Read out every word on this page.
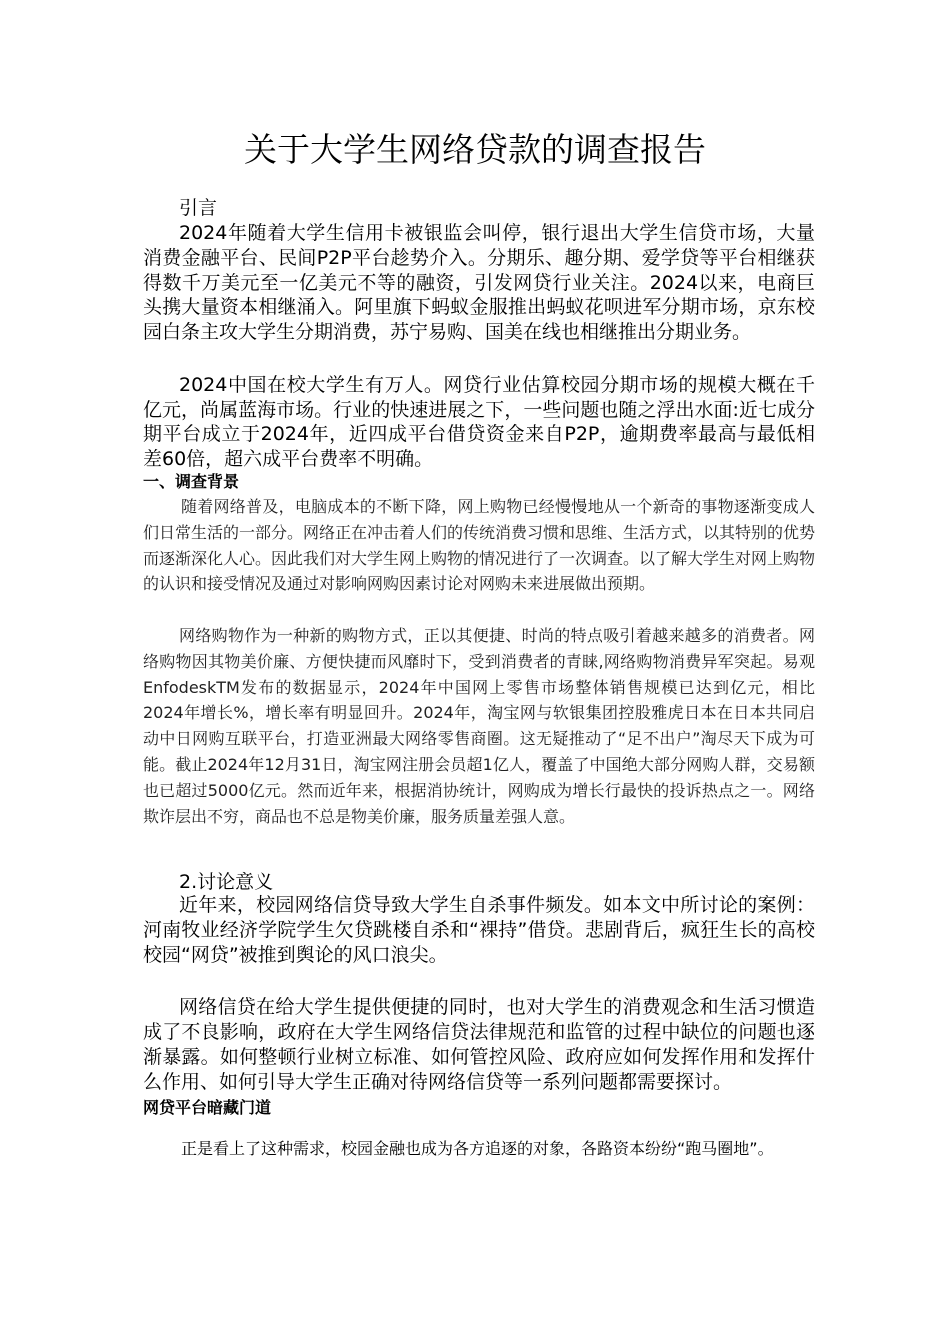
关于大学生网络贷款的调查报告

引言

2024年随着大学生信用卡被银监会叫停，银行退出大学生信贷市场，大量消费金融平台、民间P2P平台趁势介入。分期乐、趣分期、爱学贷等平台相继获得数千万美元至一亿美元不等的融资，引发网贷行业关注。2024以来，电商巨头携大量资本相继涌入。阿里旗下蚂蚁金服推出蚂蚁花呗进军分期市场，京东校园白条主攻大学生分期消费，苏宁易购、国美在线也相继推出分期业务。

2024中国在校大学生有万人。网贷行业估算校园分期市场的规模大概在千亿元，尚属蓝海市场。行业的快速进展之下，一些问题也随之浮出水面:近七成分期平台成立于2024年，近四成平台借贷资金来自P2P，逾期费率最高与最低相差60倍，超六成平台费率不明确。

一、调查背景

随着网络普及，电脑成本的不断下降，网上购物已经慢慢地从一个新奇的事物逐渐变成人们日常生活的一部分。网络正在冲击着人们的传统消费习惯和思维、生活方式，以其特别的优势而逐渐深化人心。因此我们对大学生网上购物的情况进行了一次调查。以了解大学生对网上购物的认识和接受情况及通过对影响网购因素讨论对网购未来进展做出预期。

网络购物作为一种新的购物方式，正以其便捷、时尚的特点吸引着越来越多的消费者。网络购物因其物美价廉、方便快捷而风靡时下，受到消费者的青睐,网络购物消费异军突起。易观EnfodeskTM发布的数据显示，2024年中国网上零售市场整体销售规模已达到亿元，相比2024年增长%，增长率有明显回升。2024年，淘宝网与软银集团控股雅虎日本在日本共同启动中日网购互联平台，打造亚洲最大网络零售商圈。这无疑推动了“足不出户”淘尽天下成为可能。截止2024年12月31日，淘宝网注册会员超1亿人，覆盖了中国绝大部分网购人群，交易额也已超过5000亿元。然而近年来，根据消协统计，网购成为增长行最快的投诉热点之一。网络欺诈层出不穷，商品也不总是物美价廉，服务质量差强人意。

2.讨论意义

近年来，校园网络信贷导致大学生自杀事件频发。如本文中所讨论的案例：河南牧业经济学院学生欠贷跳楼自杀和“裸持”借贷。悲剧背后，疯狂生长的高校校园“网贷”被推到舆论的风口浪尖。

网络信贷在给大学生提供便捷的同时，也对大学生的消费观念和生活习惯造成了不良影响，政府在大学生网络信贷法律规范和监管的过程中缺位的问题也逐渐暴露。如何整顿行业树立标准、如何管控风险、政府应如何发挥作用和发挥什么作用、如何引导大学生正确对待网络信贷等一系列问题都需要探讨。

网贷平台暗藏门道

正是看上了这种需求，校园金融也成为各方追逐的对象，各路资本纷纷“跑马圈地”。
